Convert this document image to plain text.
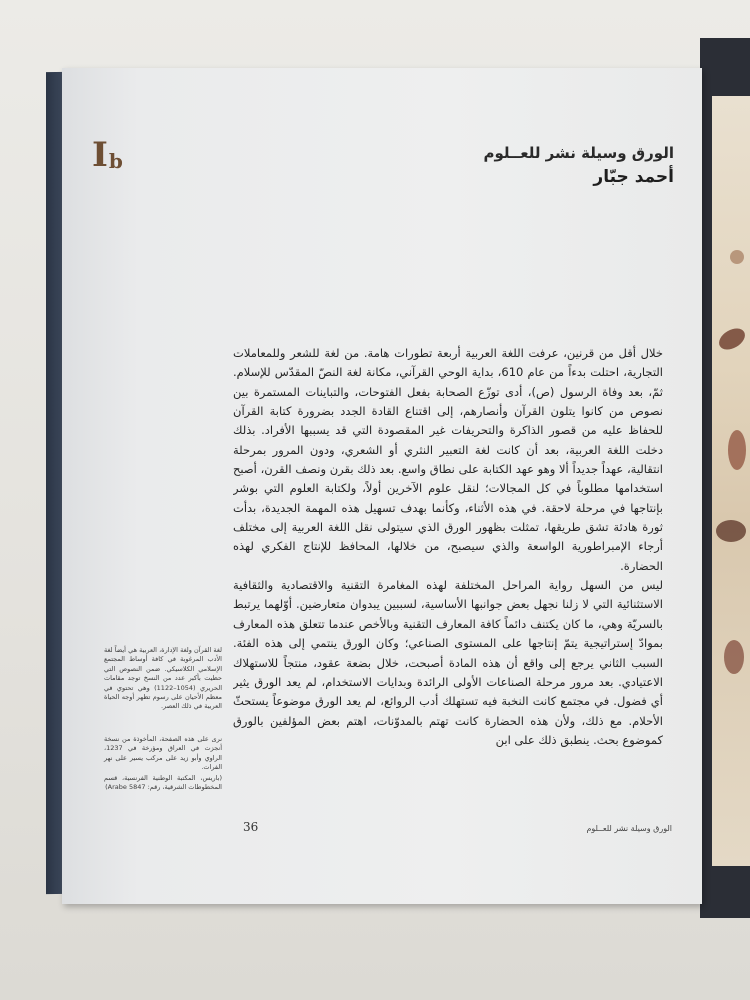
I b	الورق وسيلة نشر للعــلوم
أحمد جبّار

خلال أقل من قرنين، عرفت اللغة العربية أربعة تطورات هامة. من لغة للشعر وللمعاملات التجارية، احتلت بدءاً من عام 610، بداية الوحي القرآني، مكانة لغة النصّ المقدّس للإسلام. ثمّ، بعد وفاة الرسول (ص)، أدى توزّع الصحابة بفعل الفتوحات، والتباينات المستمرة بين نصوص من كانوا يتلون القرآن وأنصارهم، إلى اقتناع القادة الجدد بضرورة كتابة القرآن للحفاظ عليه من قصور الذاكرة والتحريفات غير المقصودة التي قد يسببها الأفراد. بذلك دخلت اللغة العربية، بعد أن كانت لغة التعبير النثري أو الشعري، ودون المرور بمرحلة انتقالية، عهداً جديداً ألا وهو عهد الكتابة على نطاق واسع. بعد ذلك بقرن ونصف القرن، أصبح استخدامها مطلوباً في كل المجالات؛ لنقل علوم الآخرين أولاً، ولكتابة العلوم التي بوشر بإنتاجها في مرحلة لاحقة. في هذه الأثناء، وكأنما بهدف تسهيل هذه المهمة الجديدة، بدأت ثورة هادئة تشق طريقها، تمثلت بظهور الورق الذي سيتولى نقل اللغة العربية إلى مختلف أرجاء الإمبراطورية الواسعة والذي سيصبح، من خلالها، المحافظ للإنتاج الفكري لهذه الحضارة.

ليس من السهل رواية المراحل المختلفة لهذه المغامرة التقنية والاقتصادية والثقافية الاستثنائية التي لا زلنا نجهل بعض جوانبها الأساسية، لسببين يبدوان متعارضين. أوّلهما يرتبط بالسريّة وهي، ما كان يكتنف دائماً كافة المعارف التقنية وبالأخص عندما تتعلق هذه المعارف بموادّ إستراتيجية يتمّ إنتاجها على المستوى الصناعي؛ وكان الورق ينتمي إلى هذه الفئة. السبب الثاني يرجع إلى واقع أن هذه المادة أصبحت، خلال بضعة عقود، منتجاً للاستهلاك الاعتيادي. بعد مرور مرحلة الصناعات الأولى الرائدة وبدايات الاستخدام، لم يعد الورق يثير أي فضول. في مجتمع كانت النخبة فيه تستهلك أدب الروائع، لم يعد الورق موضوعاً يستحثّ الأحلام. مع ذلك، ولأن هذه الحضارة كانت تهتم بالمدوّنات، اهتم بعض المؤلفين بالورق كموضوع بحث. ينطبق ذلك على ابن

لغة القرآن ولغة الإدارة، العربية هي أيضاً لغة الأدب المرغوبة في كافة أوساط المجتمع الإسلامي الكلاسيكي. ضمن النصوص التي حظيت بأكبر عدد من النسخ توجد مقامات الحريري (1054–1122) وهي تحتوي في معظم الأحيان على رسوم تظهر أوجه الحياة العربية في ذلك العصر.

نرى على هذه الصفحة، المأخوذة من نسخة أنجزت في العراق ومؤرخة في 1237، الراوي وأبو زيد على مركب يسير على نهر الفرات.

(باريس، المكتبة الوطنية الفرنسية، قسم المخطوطات الشرقية، رقم: Arabe 5847)

36	الورق وسيلة نشر للعــلوم
